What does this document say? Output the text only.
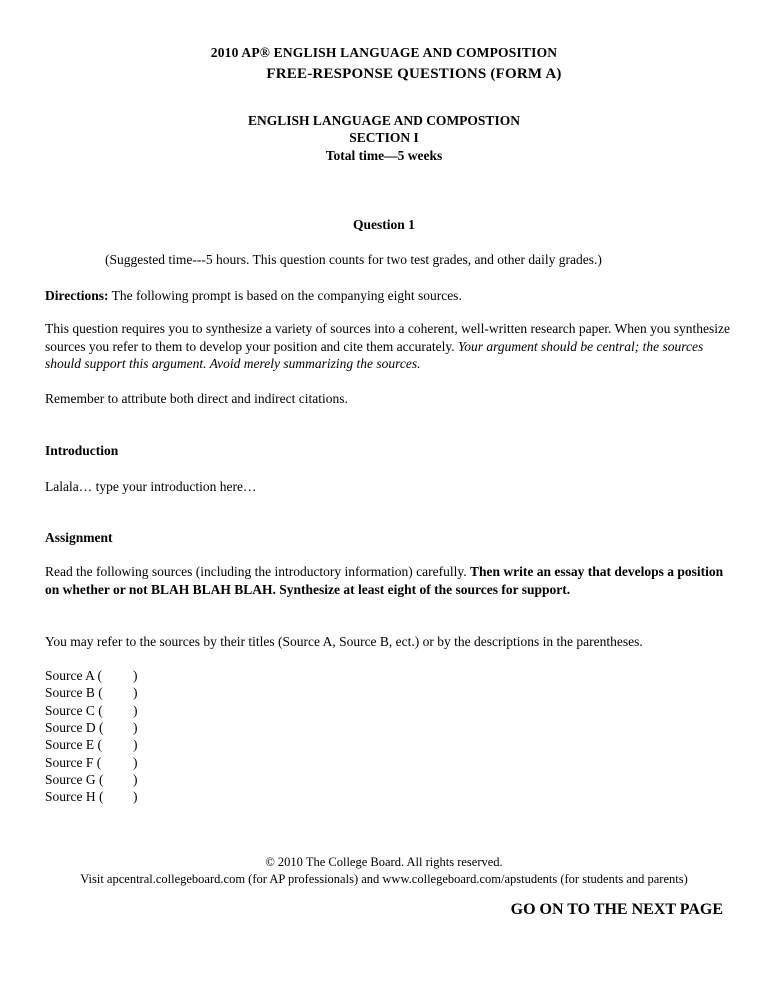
2010 AP® ENGLISH LANGUAGE AND COMPOSITION
FREE-RESPONSE QUESTIONS (FORM A)
ENGLISH LANGUAGE AND COMPOSTION
SECTION I
Total time—5 weeks
Question 1
(Suggested time---5 hours. This question counts for two test grades, and other daily grades.)
Directions: The following prompt is based on the companying eight sources.
This question requires you to synthesize a variety of sources into a coherent, well-written research paper. When you synthesize sources you refer to them to develop your position and cite them accurately. Your argument should be central; the sources should support this argument. Avoid merely summarizing the sources.
Remember to attribute both direct and indirect citations.
Introduction
Lalala… type your introduction here…
Assignment
Read the following sources (including the introductory information) carefully. Then write an essay that develops a position on whether or not BLAH BLAH BLAH. Synthesize at least eight of the sources for support.
You may refer to the sources by their titles (Source A, Source B, ect.) or by the descriptions in the parentheses.
Source A ( )
Source B ( )
Source C ( )
Source D ( )
Source E ( )
Source F ( )
Source G ( )
Source H ( )
© 2010 The College Board. All rights reserved.
Visit apcentral.collegeboard.com (for AP professionals) and www.collegeboard.com/apstudents (for students and parents)
GO ON TO THE NEXT PAGE
